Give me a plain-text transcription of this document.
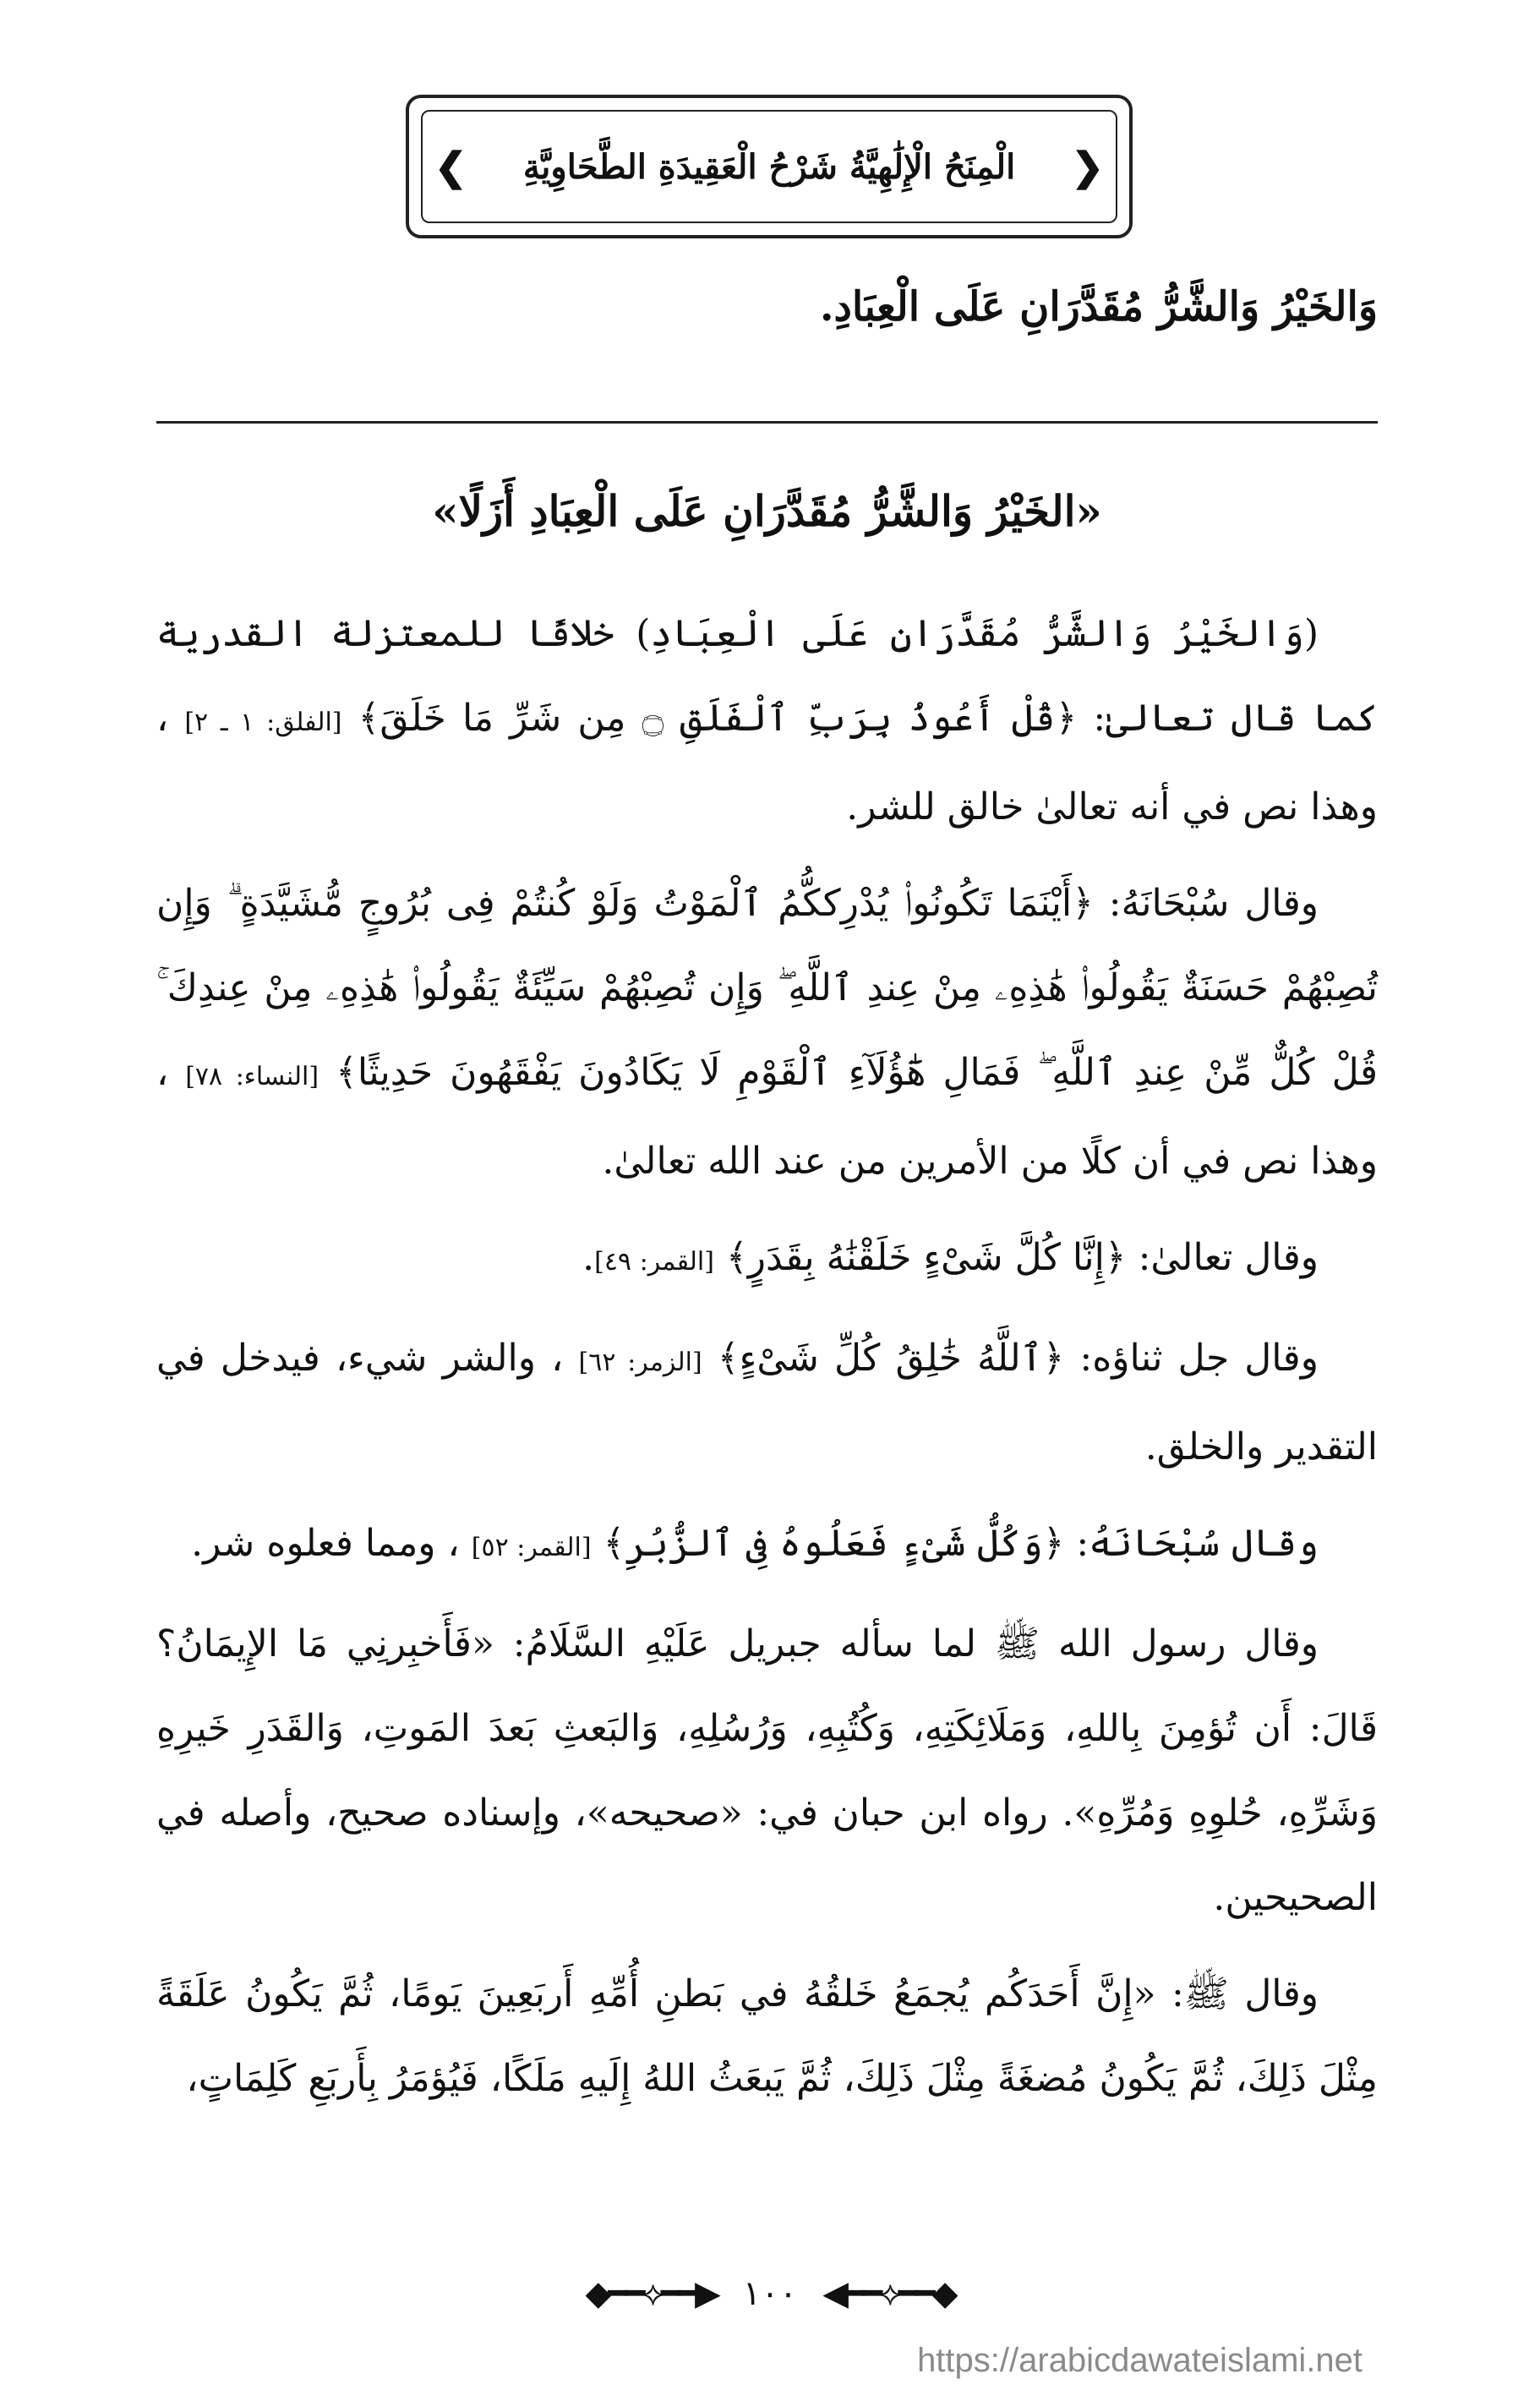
❮ الْمِنَحُ الْإِلَٰهِيَّةُ شَرْحُ الْعَقِيدَةِ الطَّحَاوِيَّةِ ❯
وَالخَيْرُ وَالشَّرُّ مُقَدَّرَانِ عَلَى الْعِبَادِ.
«الخَيْرُ وَالشَّرُّ مُقَدَّرَانِ عَلَى الْعِبَادِ أَزَلًا»

(وَالخَيْرُ وَالشَّرُّ مُقَدَّرَانِ عَلَى الْعِبَادِ) خلافًا للمعتزلة القدرية كما قال تعالىٰ: ﴿قُلْ أَعُوذُ بِرَبِّ ٱلْفَلَقِ ۝ مِن شَرِّ مَا خَلَقَ﴾ [الفلق: ١ ـ ٢] ، وهذا نص في أنه تعالىٰ خالق للشر.

وقال سُبْحَانَهُ: ﴿أَيْنَمَا تَكُونُوا۟ يُدْرِككُّمُ ٱلْمَوْتُ وَلَوْ كُنتُمْ فِى بُرُوجٍ مُّشَيَّدَةٍ ۗ وَإِن تُصِبْهُمْ حَسَنَةٌ يَقُولُوا۟ هَٰذِهِۦ مِنْ عِندِ ٱللَّهِ ۖ وَإِن تُصِبْهُمْ سَيِّئَةٌ يَقُولُوا۟ هَٰذِهِۦ مِنْ عِندِكَ ۚ قُلْ كُلٌّ مِّنْ عِندِ ٱللَّهِ ۖ فَمَالِ هَٰٓؤُلَآءِ ٱلْقَوْمِ لَا يَكَادُونَ يَفْقَهُونَ حَدِيثًا﴾ [النساء: ٧٨] ، وهذا نص في أن كلًا من الأمرين من عند الله تعالىٰ.

وقال تعالىٰ: ﴿إِنَّا كُلَّ شَىْءٍ خَلَقْنَٰهُ بِقَدَرٍ﴾ [القمر: ٤٩].

وقال جل ثناؤه: ﴿ٱللَّهُ خَٰلِقُ كُلِّ شَىْءٍ﴾ [الزمر: ٦٢] ، والشر شيء، فيدخل في التقدير والخلق.

وقال سُبْحَانَهُ: ﴿وَكُلُّ شَىْءٍ فَعَلُوهُ فِى ٱلزُّبُرِ﴾ [القمر: ٥٢] ، ومما فعلوه شر.

وقال رسول الله ﷺ لما سأله جبريل عَلَيْهِ السَّلَامُ: «فَأَخبِرنِي مَا الإِيمَانُ؟ قَالَ: أَن تُؤمِنَ بِاللهِ، وَمَلَائِكَتِهِ، وَكُتُبِهِ، وَرُسُلِهِ، وَالبَعثِ بَعدَ المَوتِ، وَالقَدَرِ خَيرِهِ وَشَرِّهِ، حُلوِهِ وَمُرِّهِ». رواه ابن حبان في: «صحيحه»، وإسناده صحيح، وأصله في الصحيحين.

وقال ﷺ: «إِنَّ أَحَدَكُم يُجمَعُ خَلقُهُ في بَطنِ أُمِّهِ أَربَعِينَ يَومًا، ثُمَّ يَكُونُ عَلَقَةً مِثْلَ ذَلِكَ، ثُمَّ يَكُونُ مُضغَةً مِثْلَ ذَلِكَ، ثُمَّ يَبعَثُ اللهُ إِلَيهِ مَلَكًا، فَيُؤمَرُ بِأَربَعِ كَلِمَاتٍ،

◆━━⟡━━▶ ١٠٠ ◀━━⟡━━◆
https://arabicdawateislami.net
